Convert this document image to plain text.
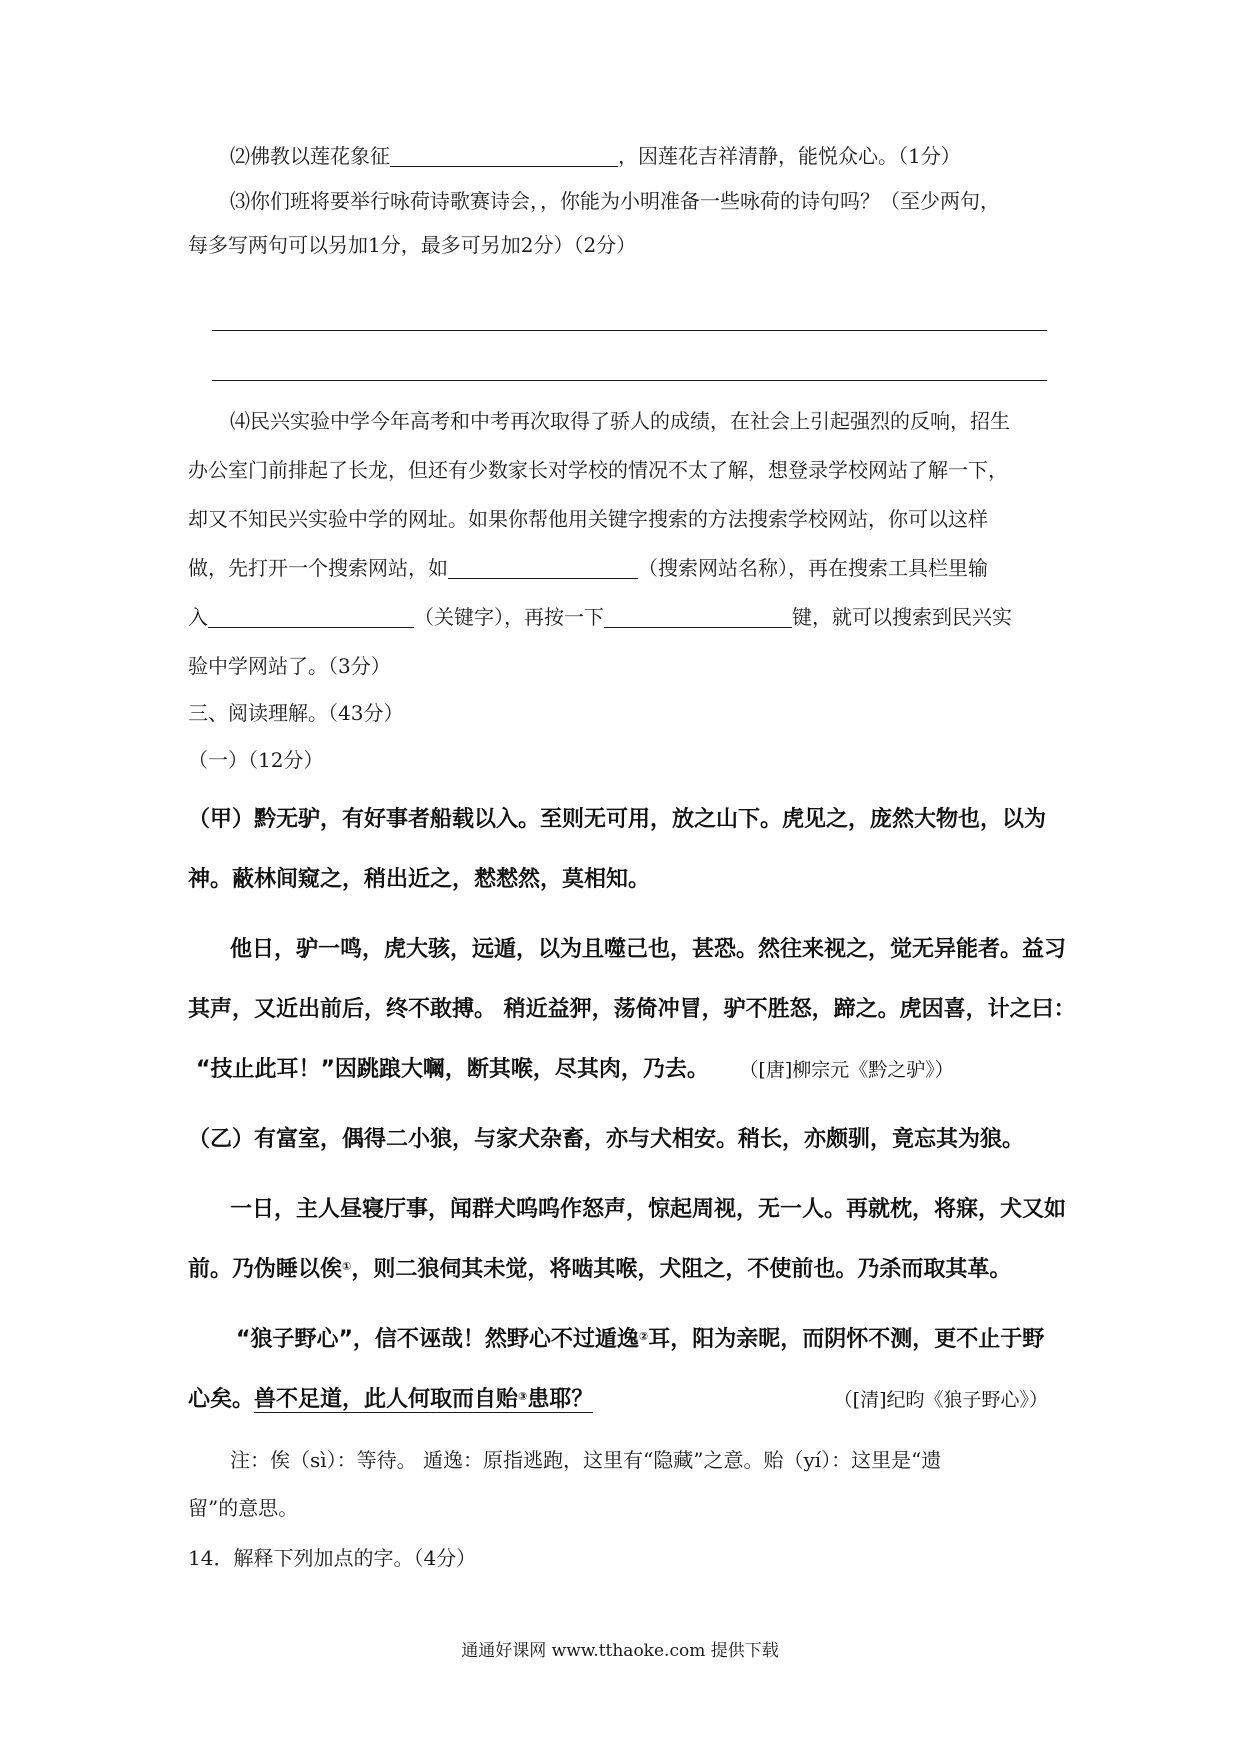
⑵佛教以莲花象征	，因莲花吉祥清静，能悦众心。（1分）
⑶你们班将要举行咏荷诗歌赛诗会，，你能为小明准备一些咏荷的诗句吗？（至少两句，
每多写两句可以另加1分，最多可另加2分）（2分）
⑷民兴实验中学今年高考和中考再次取得了骄人的成绩，在社会上引起强烈的反响，招生
办公室门前排起了长龙，但还有少数家长对学校的情况不太了解，想登录学校网站了解一下，
却又不知民兴实验中学的网址。如果你帮他用关键字搜索的方法搜索学校网站，你可以这样
做，先打开一个搜索网站，如	（搜索网站名称），再在搜索工具栏里输
入	（关键字），再按一下	键，就可以搜索到民兴实
验中学网站了。（3分）
三、阅读理解。（43分）
（一）（12分）
（甲）黔无驴，有好事者船载以入。至则无可用，放之山下。虎见之，庞然大物也，以为
神。蔽林间窥之，稍出近之，慭慭然，莫相知。
他日，驴一鸣，虎大骇，远遁，以为且噬己也，甚恐。然往来视之，觉无异能者。益习
其声，又近出前后，终不敢搏。 稍近益狎，荡倚冲冒，驴不胜怒，蹄之。虎因喜，计之曰：
“技止此耳！”因跳踉大㘎，断其喉，尽其肉，乃去。 （[唐]柳宗元《黔之驴》）
（乙）有富室，偶得二小狼，与家犬杂畜，亦与犬相安。稍长，亦颇驯，竟忘其为狼。
一日，主人昼寝厅事，闻群犬呜呜作怒声，惊起周视，无一人。再就枕，将寐，犬又如
前。乃伪睡以俟①，则二狼伺其未觉，将啮其喉，犬阻之，不使前也。乃杀而取其革。
“狼子野心”，信不诬哉！然野心不过遁逸②耳，阳为亲昵，而阴怀不测，更不止于野
心矣。兽不足道，此人何取而自贻③患耶？	（[清]纪昀《狼子野心》）
注：俟（sì）：等待。 遁逸：原指逃跑，这里有“隐藏”之意。贻（yí）：这里是“遗
留”的意思。
14．解释下列加点的字。（4分）
通通好课网 www.tthaoke.com 提供下载
